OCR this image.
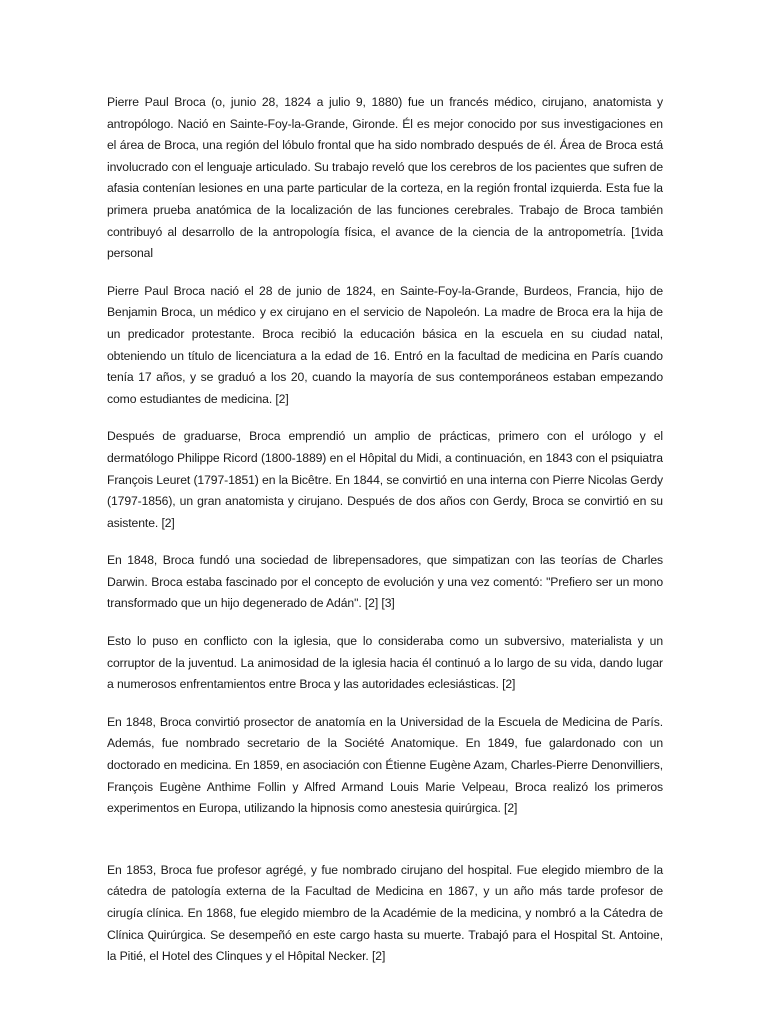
Pierre Paul Broca (o, junio 28, 1824 a julio 9, 1880) fue un francés médico, cirujano, anatomista y antropólogo. Nació en Sainte-Foy-la-Grande, Gironde. Él es mejor conocido por sus investigaciones en el área de Broca, una región del lóbulo frontal que ha sido nombrado después de él. Área de Broca está involucrado con el lenguaje articulado. Su trabajo reveló que los cerebros de los pacientes que sufren de afasia contenían lesiones en una parte particular de la corteza, en la región frontal izquierda. Esta fue la primera prueba anatómica de la localización de las funciones cerebrales. Trabajo de Broca también contribuyó al desarrollo de la antropología física, el avance de la ciencia de la antropometría. [1vida personal

Pierre Paul Broca nació el 28 de junio de 1824, en Sainte-Foy-la-Grande, Burdeos, Francia, hijo de Benjamin Broca, un médico y ex cirujano en el servicio de Napoleón. La madre de Broca era la hija de un predicador protestante. Broca recibió la educación básica en la escuela en su ciudad natal, obteniendo un título de licenciatura a la edad de 16. Entró en la facultad de medicina en París cuando tenía 17 años, y se graduó a los 20, cuando la mayoría de sus contemporáneos estaban empezando como estudiantes de medicina. [2]

Después de graduarse, Broca emprendió un amplio de prácticas, primero con el urólogo y el dermatólogo Philippe Ricord (1800-1889) en el Hôpital du Midi, a continuación, en 1843 con el psiquiatra François Leuret (1797-1851) en la Bicêtre. En 1844, se convirtió en una interna con Pierre Nicolas Gerdy (1797-1856), un gran anatomista y cirujano. Después de dos años con Gerdy, Broca se convirtió en su asistente. [2]

En 1848, Broca fundó una sociedad de librepensadores, que simpatizan con las teorías de Charles Darwin. Broca estaba fascinado por el concepto de evolución y una vez comentó: "Prefiero ser un mono transformado que un hijo degenerado de Adán". [2] [3]

Esto lo puso en conflicto con la iglesia, que lo consideraba como un subversivo, materialista y un corruptor de la juventud. La animosidad de la iglesia hacia él continuó a lo largo de su vida, dando lugar a numerosos enfrentamientos entre Broca y las autoridades eclesiásticas. [2]

En 1848, Broca convirtió prosector de anatomía en la Universidad de la Escuela de Medicina de París. Además, fue nombrado secretario de la Société Anatomique. En 1849, fue galardonado con un doctorado en medicina. En 1859, en asociación con Étienne Eugène Azam, Charles-Pierre Denonvilliers, François Eugène Anthime Follin y Alfred Armand Louis Marie Velpeau, Broca realizó los primeros experimentos en Europa, utilizando la hipnosis como anestesia quirúrgica. [2]

En 1853, Broca fue profesor agrégé, y fue nombrado cirujano del hospital. Fue elegido miembro de la cátedra de patología externa de la Facultad de Medicina en 1867, y un año más tarde profesor de cirugía clínica. En 1868, fue elegido miembro de la Académie de la medicina, y nombró a la Cátedra de Clínica Quirúrgica. Se desempeñó en este cargo hasta su muerte. Trabajó para el Hospital St. Antoine, la Pitié, el Hotel des Clinques y el Hôpital Necker. [2]
